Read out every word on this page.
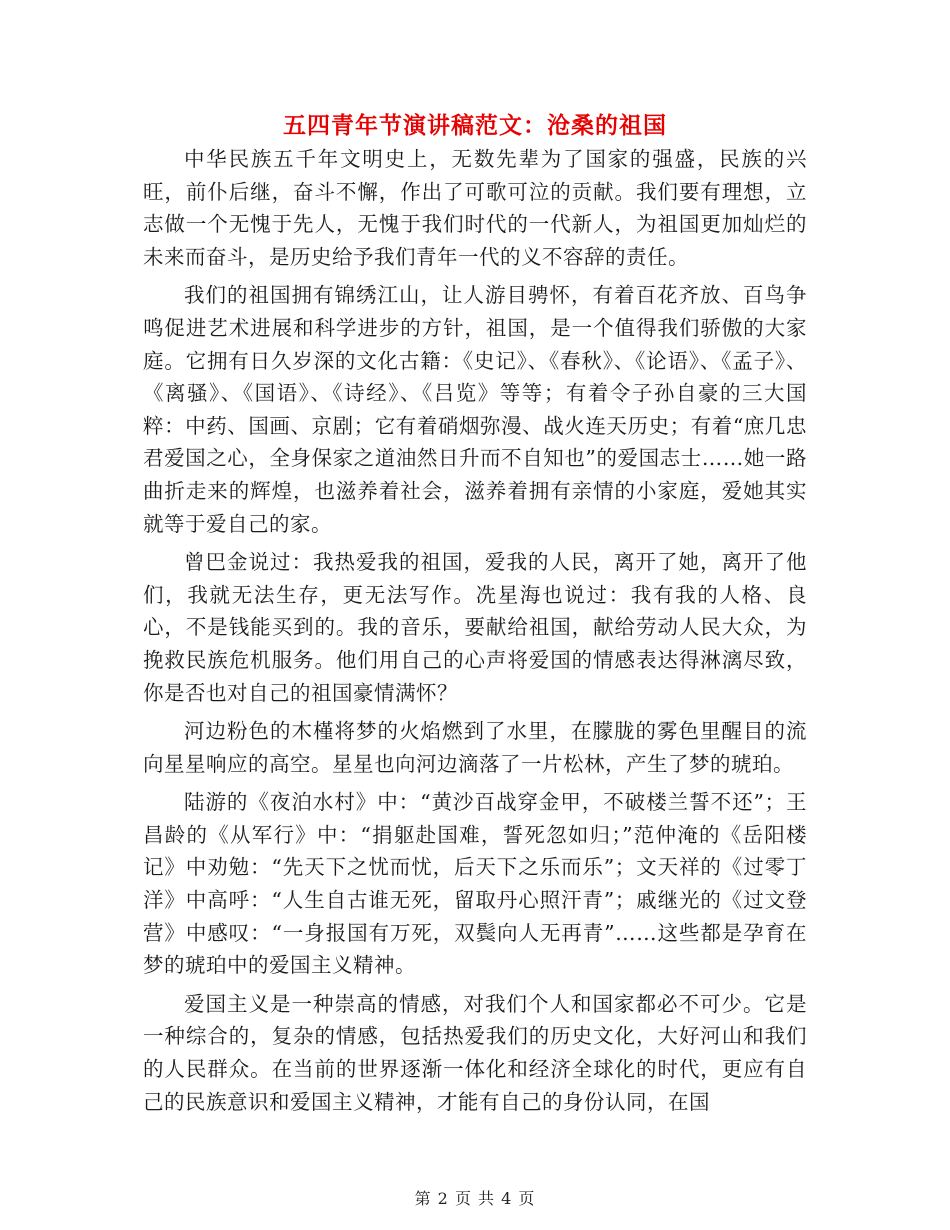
五四青年节演讲稿范文：沧桑的祖国

中华民族五千年文明史上，无数先辈为了国家的强盛，民族的兴旺，前仆后继，奋斗不懈，作出了可歌可泣的贡献。我们要有理想，立志做一个无愧于先人，无愧于我们时代的一代新人，为祖国更加灿烂的未来而奋斗，是历史给予我们青年一代的义不容辞的责任。

我们的祖国拥有锦绣江山，让人游目骋怀，有着百花齐放、百鸟争鸣促进艺术进展和科学进步的方针，祖国，是一个值得我们骄傲的大家庭。它拥有日久岁深的文化古籍：《史记》、《春秋》、《论语》、《孟子》、《离骚》、《国语》、《诗经》、《吕览》等等；有着令子孙自豪的三大国粹：中药、国画、京剧；它有着硝烟弥漫、战火连天历史；有着“庶几忠君爱国之心，全身保家之道油然日升而不自知也”的爱国志士……她一路曲折走来的辉煌，也滋养着社会，滋养着拥有亲情的小家庭，爱她其实就等于爱自己的家。

曾巴金说过：我热爱我的祖国，爱我的人民，离开了她，离开了他们，我就无法生存，更无法写作。冼星海也说过：我有我的人格、良心，不是钱能买到的。我的音乐，要献给祖国，献给劳动人民大众，为挽救民族危机服务。他们用自己的心声将爱国的情感表达得淋漓尽致，你是否也对自己的祖国豪情满怀？

河边粉色的木槿将梦的火焰燃到了水里，在朦胧的雾色里醒目的流向星星响应的高空。星星也向河边滴落了一片松林，产生了梦的琥珀。

陆游的《夜泊水村》中：“黄沙百战穿金甲，不破楼兰誓不还”；王昌龄的《从军行》中：“捐躯赴国难，誓死忽如归；”范仲淹的《岳阳楼记》中劝勉：“先天下之忧而忧，后天下之乐而乐”；文天祥的《过零丁洋》中高呼：“人生自古谁无死，留取丹心照汗青”；戚继光的《过文登营》中感叹：“一身报国有万死，双鬓向人无再青”……这些都是孕育在梦的琥珀中的爱国主义精神。

爱国主义是一种崇高的情感，对我们个人和国家都必不可少。它是一种综合的，复杂的情感，包括热爱我们的历史文化，大好河山和我们的人民群众。在当前的世界逐渐一体化和经济全球化的时代，更应有自己的民族意识和爱国主义精神，才能有自己的身份认同，在国

第 2 页 共 4 页
